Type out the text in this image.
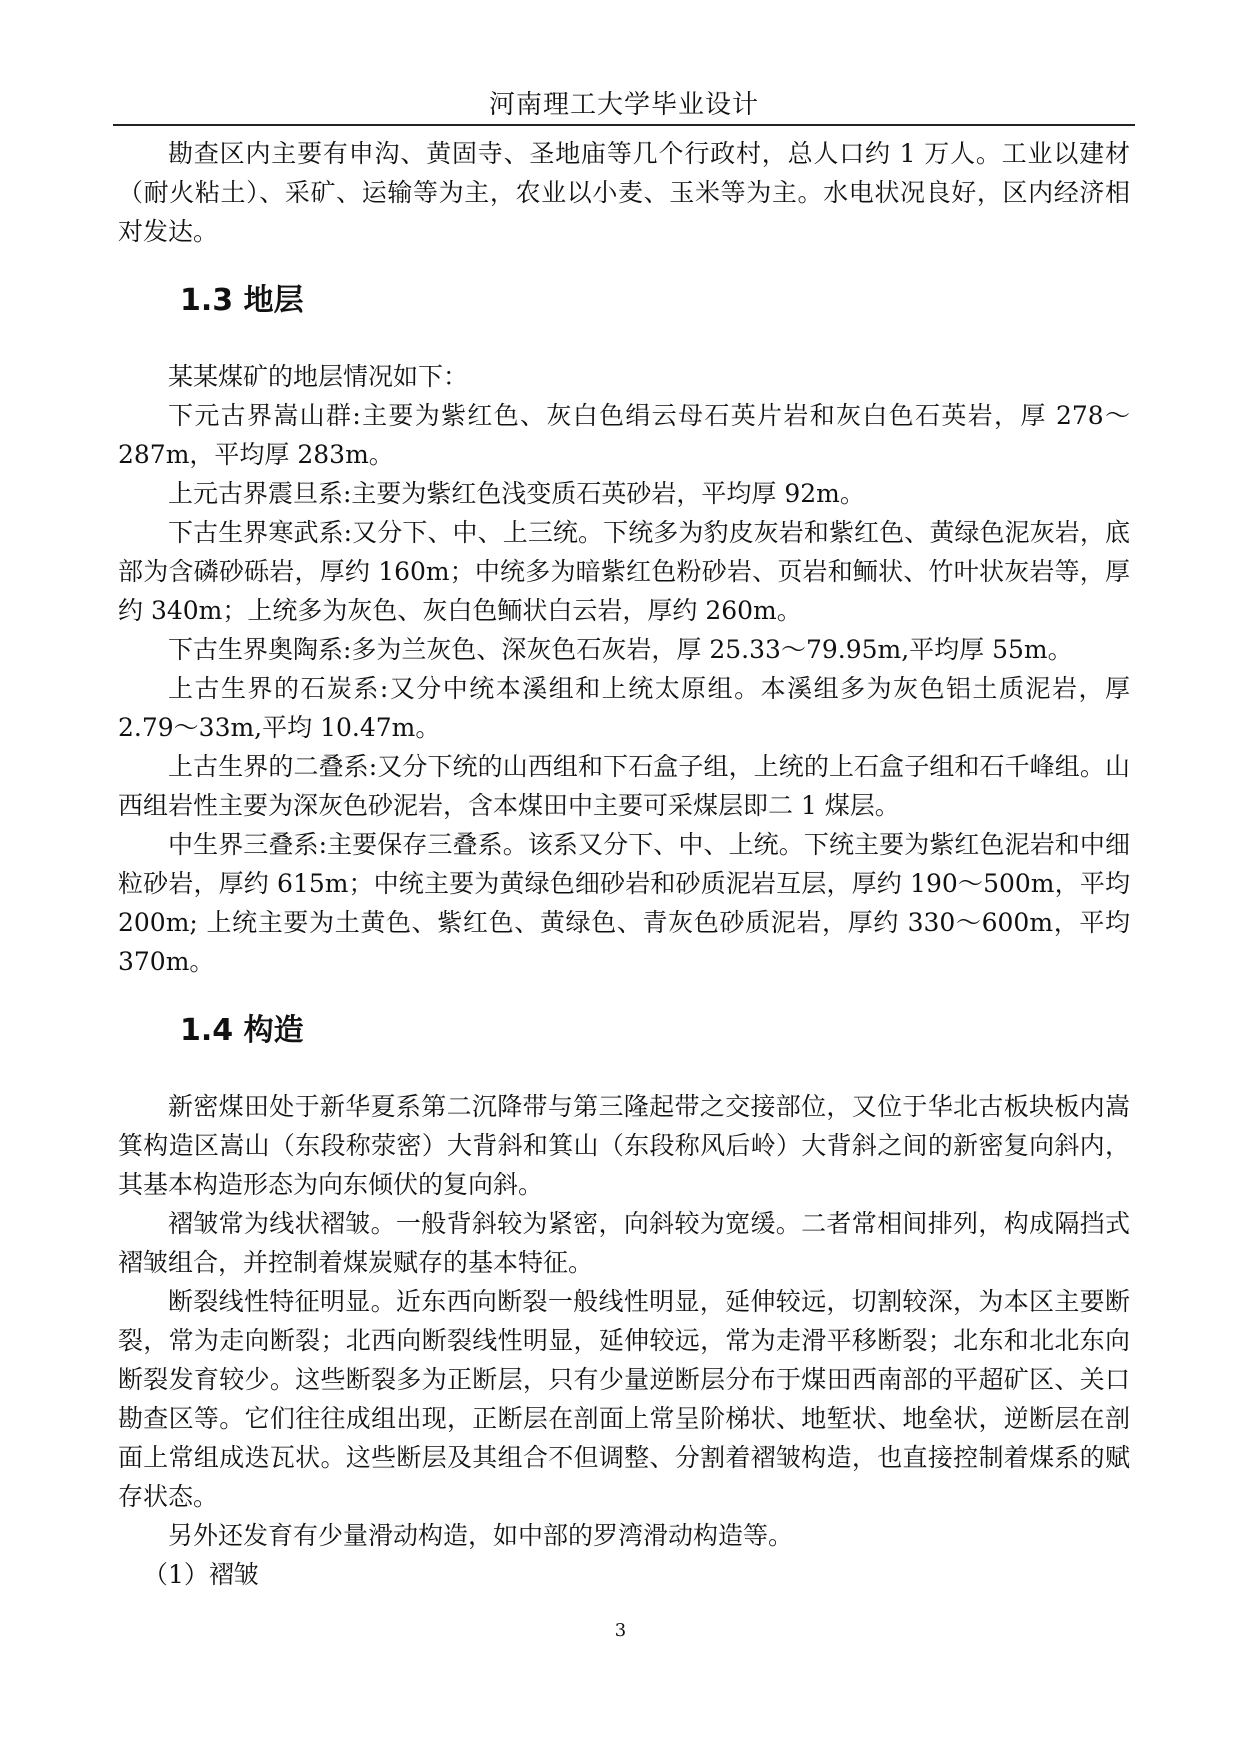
河南理工大学毕业设计

勘查区内主要有申沟、黄固寺、圣地庙等几个行政村，总人口约 1 万人。工业以建材（耐火粘土）、采矿、运输等为主，农业以小麦、玉米等为主。水电状况良好，区内经济相对发达。

1.3 地层

某某煤矿的地层情况如下：

下元古界嵩山群:主要为紫红色、灰白色绢云母石英片岩和灰白色石英岩，厚 278～287m，平均厚 283m。

上元古界震旦系:主要为紫红色浅变质石英砂岩，平均厚 92m。

下古生界寒武系:又分下、中、上三统。下统多为豹皮灰岩和紫红色、黄绿色泥灰岩，底部为含磷砂砾岩，厚约 160m；中统多为暗紫红色粉砂岩、页岩和鲕状、竹叶状灰岩等，厚约 340m；上统多为灰色、灰白色鲕状白云岩，厚约 260m。

下古生界奥陶系:多为兰灰色、深灰色石灰岩，厚 25.33～79.95m,平均厚 55m。

上古生界的石炭系:又分中统本溪组和上统太原组。本溪组多为灰色铝土质泥岩，厚2.79～33m,平均 10.47m。

上古生界的二叠系:又分下统的山西组和下石盒子组，上统的上石盒子组和石千峰组。山西组岩性主要为深灰色砂泥岩，含本煤田中主要可采煤层即二 1 煤层。

中生界三叠系:主要保存三叠系。该系又分下、中、上统。下统主要为紫红色泥岩和中细粒砂岩，厚约 615m；中统主要为黄绿色细砂岩和砂质泥岩互层，厚约 190～500m，平均200m; 上统主要为土黄色、紫红色、黄绿色、青灰色砂质泥岩，厚约 330～600m，平均 370m。

1.4 构造

新密煤田处于新华夏系第二沉降带与第三隆起带之交接部位，又位于华北古板块板内嵩箕构造区嵩山（东段称荥密）大背斜和箕山（东段称风后岭）大背斜之间的新密复向斜内，其基本构造形态为向东倾伏的复向斜。

褶皱常为线状褶皱。一般背斜较为紧密，向斜较为宽缓。二者常相间排列，构成隔挡式褶皱组合，并控制着煤炭赋存的基本特征。

断裂线性特征明显。近东西向断裂一般线性明显，延伸较远，切割较深，为本区主要断裂，常为走向断裂；北西向断裂线性明显，延伸较远，常为走滑平移断裂；北东和北北东向断裂发育较少。这些断裂多为正断层，只有少量逆断层分布于煤田西南部的平超矿区、关口勘查区等。它们往往成组出现，正断层在剖面上常呈阶梯状、地堑状、地垒状，逆断层在剖面上常组成迭瓦状。这些断层及其组合不但调整、分割着褶皱构造，也直接控制着煤系的赋存状态。

另外还发育有少量滑动构造，如中部的罗湾滑动构造等。

（1）褶皱

3
